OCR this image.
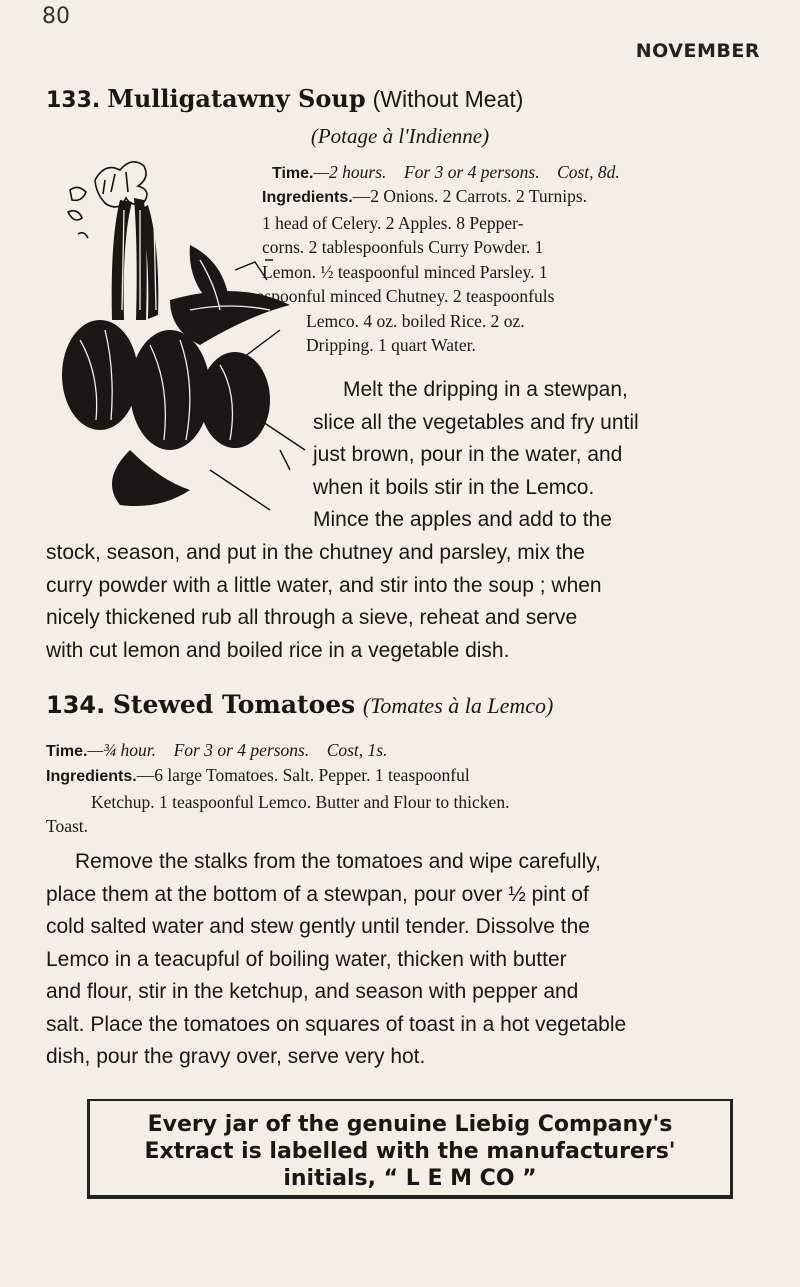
80
NOVEMBER
133. Mulligatawny Soup (Without Meat)
(Potage à l'Indienne)
Time.—2 hours. For 3 or 4 persons. Cost, 8d.
Ingredients.—2 Onions. 2 Carrots. 2 Turnips.
1 head of Celery. 2 Apples. 8 Pepper-
corns. 2 tablespoonfuls Curry Powder. 1
Lemon. ½ teaspoonful minced Parsley. 1
teaspoonful minced Chutney. 2 teaspoonfuls
Lemco. 4 oz. boiled Rice. 2 oz.
Dripping. 1 quart Water.
Melt the dripping in a stewpan,
slice all the vegetables and fry until
just brown, pour in the water, and
when it boils stir in the Lemco.
Mince the apples and add to the
stock, season, and put in the chutney and parsley, mix the
curry powder with a little water, and stir into the soup ; when
nicely thickened rub all through a sieve, reheat and serve
with cut lemon and boiled rice in a vegetable dish.
134. Stewed Tomatoes (Tomates à la Lemco)
Time.—¾ hour. For 3 or 4 persons. Cost, 1s.
Ingredients.—6 large Tomatoes. Salt. Pepper. 1 teaspoonful
Ketchup. 1 teaspoonful Lemco. Butter and Flour to thicken.
Toast.
Remove the stalks from the tomatoes and wipe carefully,
place them at the bottom of a stewpan, pour over ½ pint of
cold salted water and stew gently until tender. Dissolve the
Lemco in a teacupful of boiling water, thicken with butter
and flour, stir in the ketchup, and season with pepper and
salt. Place the tomatoes on squares of toast in a hot vegetable
dish, pour the gravy over, serve very hot.
Every jar of the genuine Liebig Company's
Extract is labelled with the manufacturers'
initials, “ L E M CO ”
